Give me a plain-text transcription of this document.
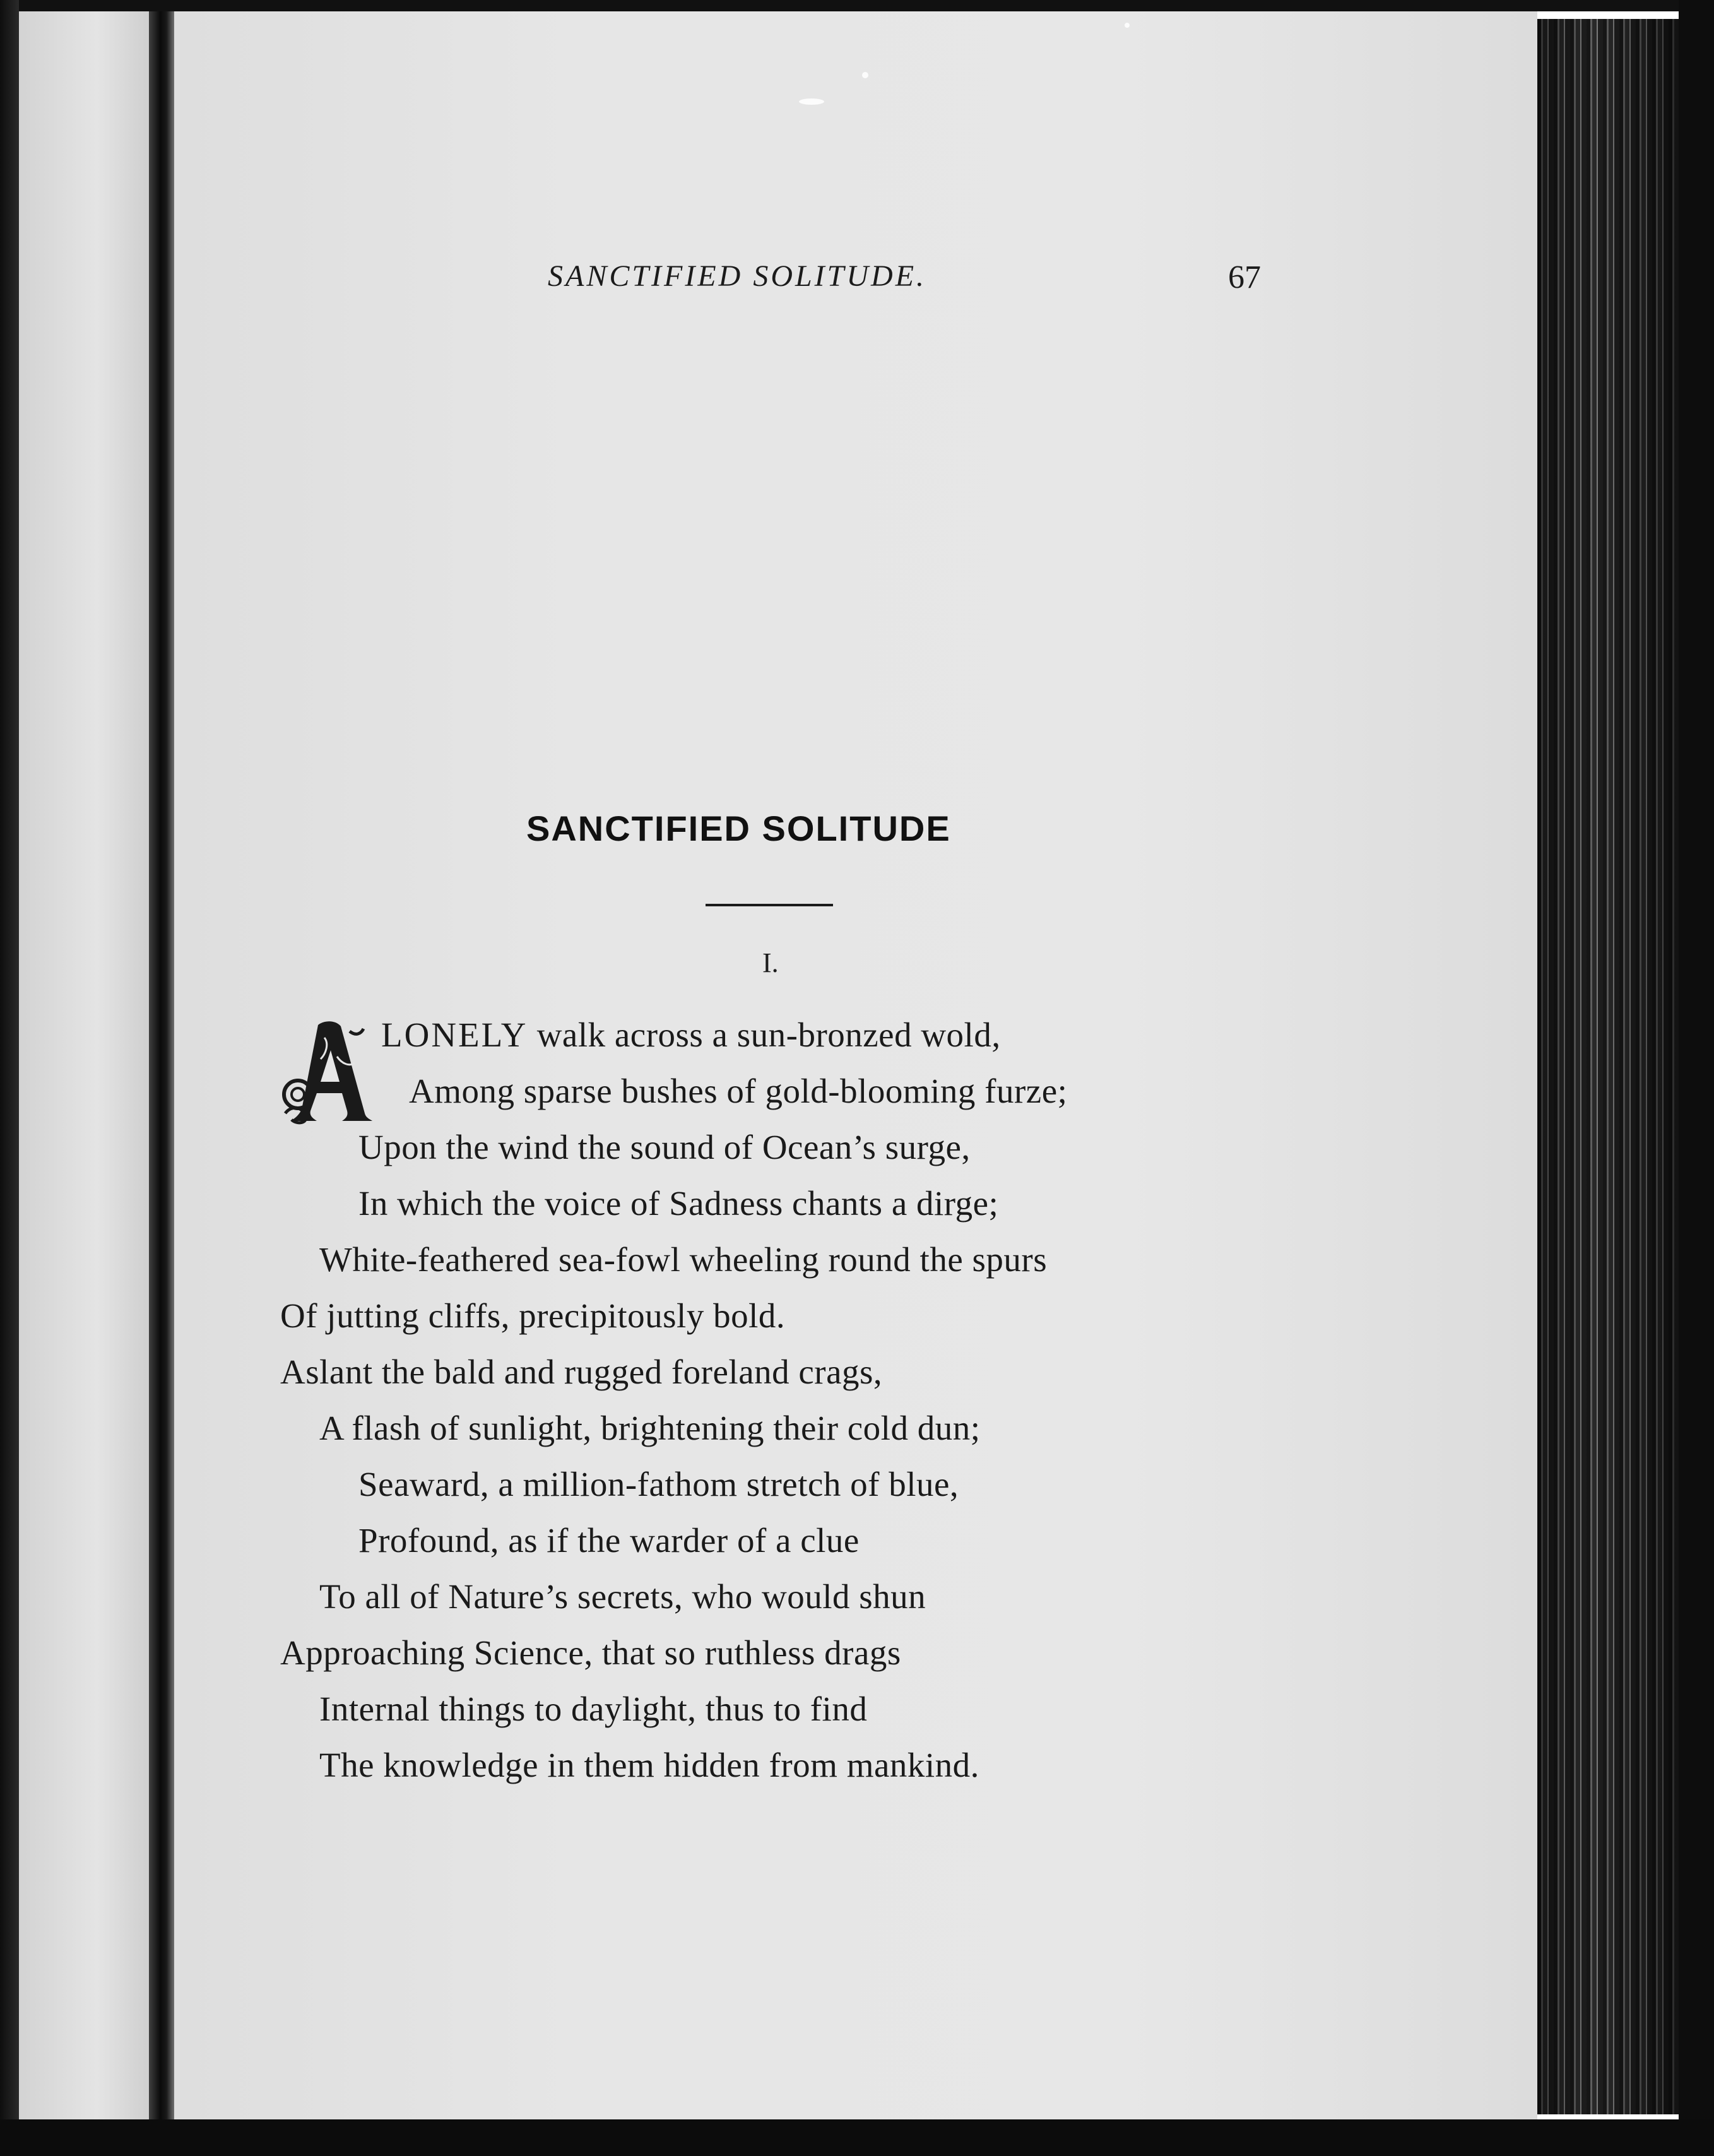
SANCTIFIED SOLITUDE.	67
SANCTIFIED SOLITUDE
I.
LONELY walk across a sun-bronzed wold,
Among sparse bushes of gold-blooming furze;
Upon the wind the sound of Ocean’s surge,
In which the voice of Sadness chants a dirge;
White-feathered sea-fowl wheeling round the spurs
Of jutting cliffs, precipitously bold.
Aslant the bald and rugged foreland crags,
A flash of sunlight, brightening their cold dun;
Seaward, a million-fathom stretch of blue,
Profound, as if the warder of a clue
To all of Nature’s secrets, who would shun
Approaching Science, that so ruthless drags
Internal things to daylight, thus to find
The knowledge in them hidden from mankind.
